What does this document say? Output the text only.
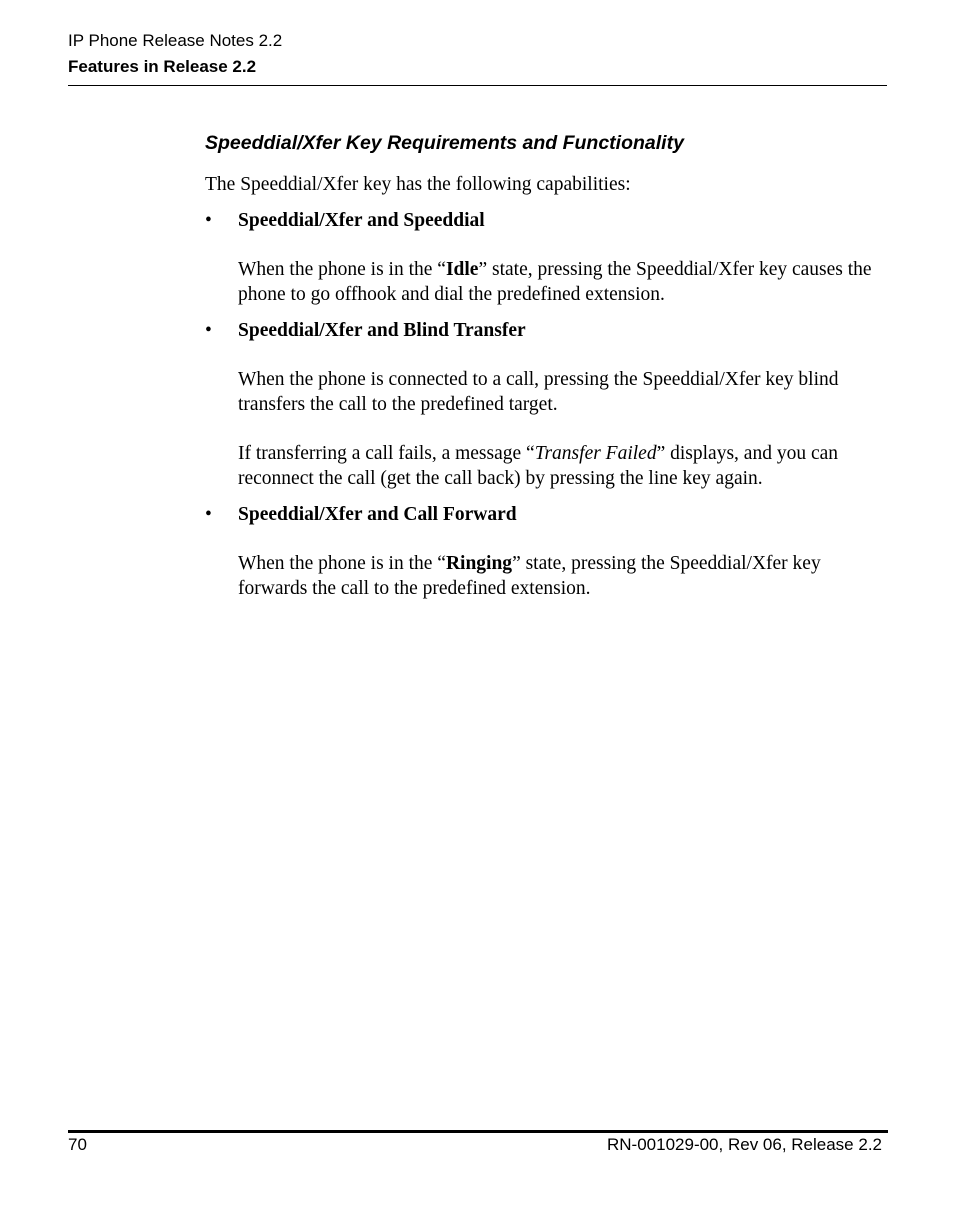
IP Phone Release Notes 2.2
Features in Release 2.2
Speeddial/Xfer Key Requirements and Functionality

The Speeddial/Xfer key has the following capabilities:

• Speeddial/Xfer and Speeddial

When the phone is in the “Idle” state, pressing the Speeddial/Xfer key causes the phone to go offhook and dial the predefined extension.

• Speeddial/Xfer and Blind Transfer

When the phone is connected to a call, pressing the Speeddial/Xfer key blind transfers the call to the predefined target.

If transferring a call fails, a message “Transfer Failed” displays, and you can reconnect the call (get the call back) by pressing the line key again.

• Speeddial/Xfer and Call Forward

When the phone is in the “Ringing” state, pressing the Speeddial/Xfer key forwards the call to the predefined extension.

70	RN-001029-00, Rev 06, Release 2.2
